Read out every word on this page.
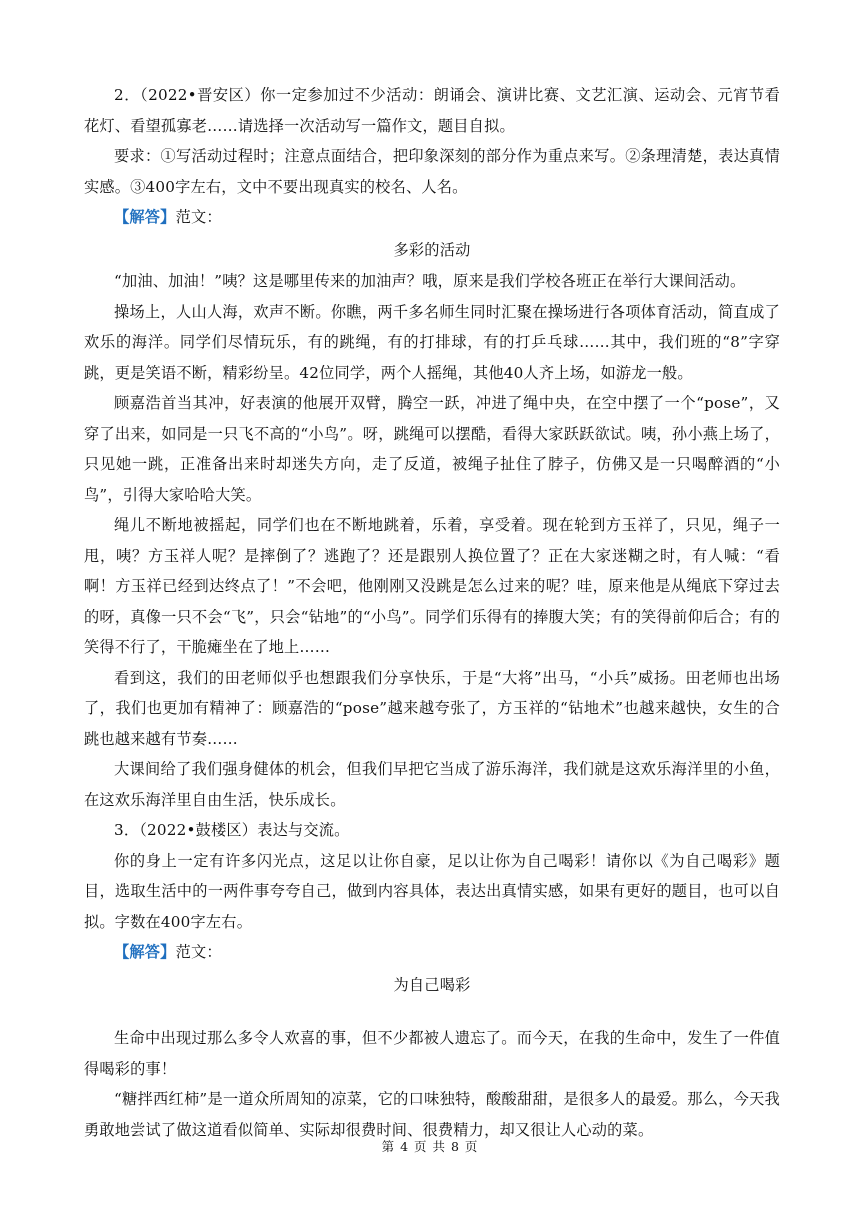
2．（2022•晋安区）你一定参加过不少活动：朗诵会、演讲比赛、文艺汇演、运动会、元宵节看花灯、看望孤寡老……请选择一次活动写一篇作文，题目自拟。

要求：①写活动过程时；注意点面结合，把印象深刻的部分作为重点来写。②条理清楚，表达真情实感。③400字左右，文中不要出现真实的校名、人名。

【解答】范文：

多彩的活动

“加油、加油！”咦？这是哪里传来的加油声？哦，原来是我们学校各班正在举行大课间活动。

操场上，人山人海，欢声不断。你瞧，两千多名师生同时汇聚在操场进行各项体育活动，简直成了欢乐的海洋。同学们尽情玩乐，有的跳绳，有的打排球，有的打乒乓球……其中，我们班的“8”字穿跳，更是笑语不断，精彩纷呈。42位同学，两个人摇绳，其他40人齐上场，如游龙一般。

顾嘉浩首当其冲，好表演的他展开双臂，腾空一跃，冲进了绳中央，在空中摆了一个“pose”，又穿了出来，如同是一只飞不高的“小鸟”。呀，跳绳可以摆酷，看得大家跃跃欲试。咦，孙小燕上场了，只见她一跳，正准备出来时却迷失方向，走了反道，被绳子扯住了脖子，仿佛又是一只喝醉酒的“小鸟”，引得大家哈哈大笑。

绳儿不断地被摇起，同学们也在不断地跳着，乐着，享受着。现在轮到方玉祥了，只见，绳子一甩，咦？方玉祥人呢？是摔倒了？逃跑了？还是跟别人换位置了？正在大家迷糊之时，有人喊：“看啊！方玉祥已经到达终点了！”不会吧，他刚刚又没跳是怎么过来的呢？哇，原来他是从绳底下穿过去的呀，真像一只不会“飞”，只会“钻地”的“小鸟”。同学们乐得有的捧腹大笑；有的笑得前仰后合；有的笑得不行了，干脆瘫坐在了地上……

看到这，我们的田老师似乎也想跟我们分享快乐，于是“大将”出马，“小兵”威扬。田老师也出场了，我们也更加有精神了：顾嘉浩的“pose”越来越夸张了，方玉祥的“钻地术”也越来越快，女生的合跳也越来越有节奏……

大课间给了我们强身健体的机会，但我们早把它当成了游乐海洋，我们就是这欢乐海洋里的小鱼，在这欢乐海洋里自由生活，快乐成长。

3．（2022•鼓楼区）表达与交流。

你的身上一定有许多闪光点，这足以让你自豪，足以让你为自己喝彩！请你以《为自己喝彩》题目，选取生活中的一两件事夸夸自己，做到内容具体，表达出真情实感，如果有更好的题目，也可以自拟。字数在400字左右。

【解答】范文：

为自己喝彩

生命中出现过那么多令人欢喜的事，但不少都被人遗忘了。而今天，在我的生命中，发生了一件值得喝彩的事！

“糖拌西红柿”是一道众所周知的凉菜，它的口味独特，酸酸甜甜，是很多人的最爱。那么，今天我勇敢地尝试了做这道看似简单、实际却很费时间、很费精力，却又很让人心动的菜。

第 4 页 共 8 页
